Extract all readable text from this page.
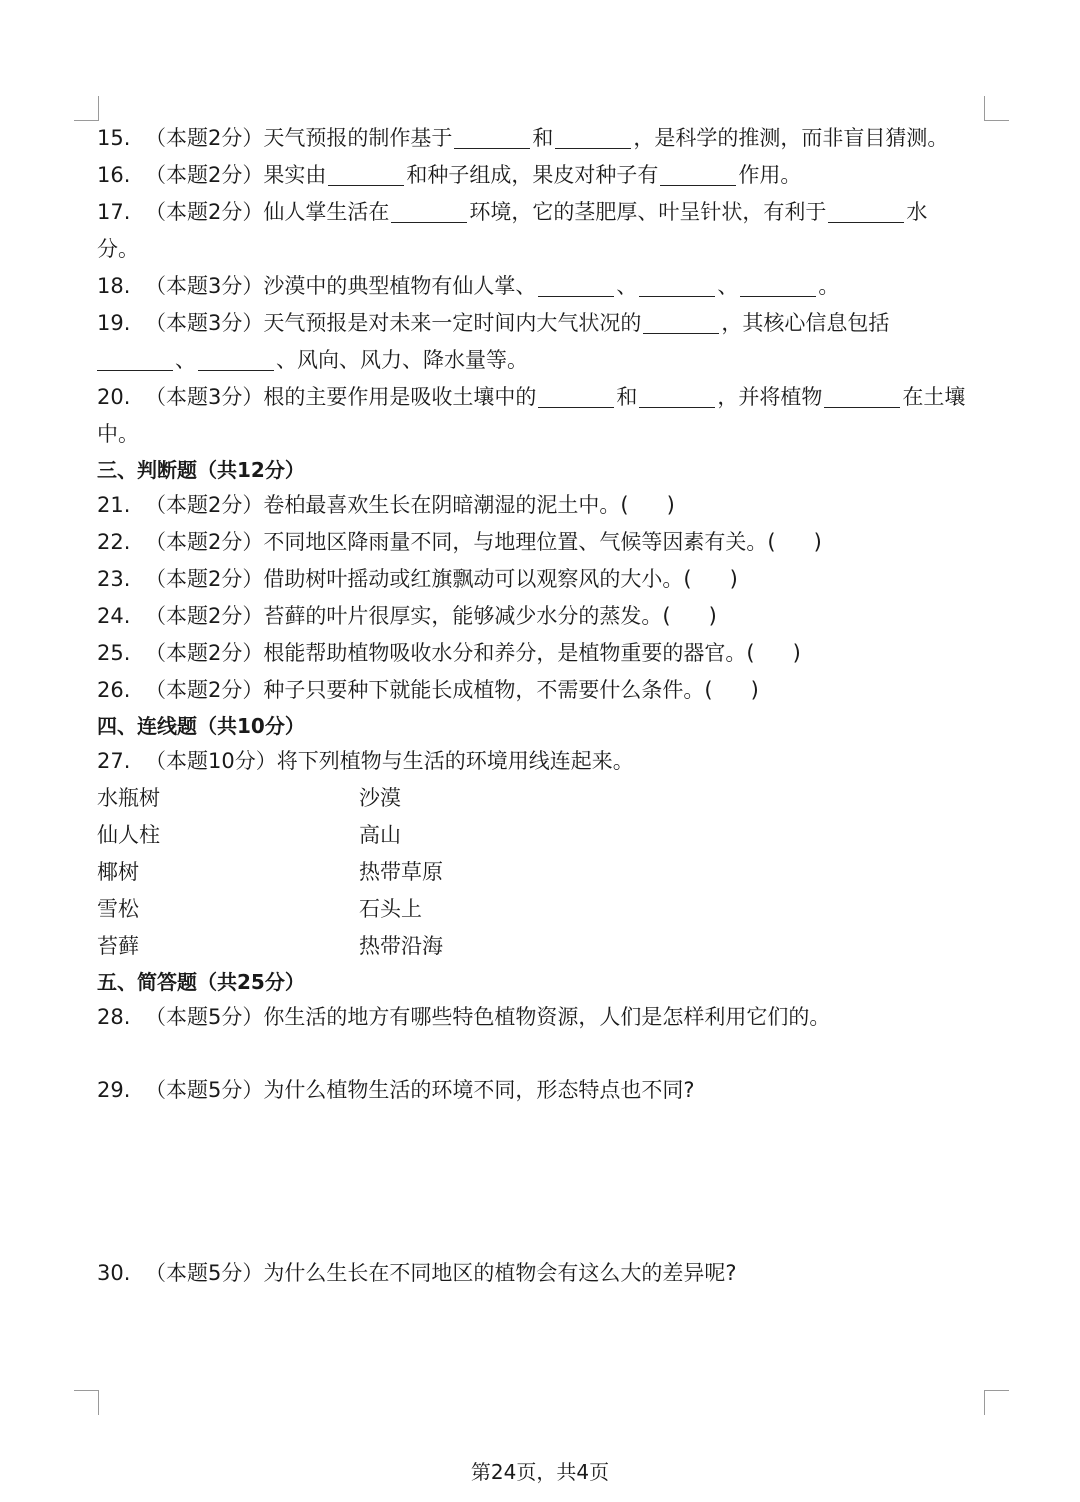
15. （本题2分）天气预报的制作基于	和	，是科学的推测，而非盲目猜测。
16. （本题2分）果实由	和种子组成，果皮对种子有	作用。
17. （本题2分）仙人掌生活在	环境，它的茎肥厚、叶呈针状，有利于	水
分。
18. （本题3分）沙漠中的典型植物有仙人掌、	、	、	。
19. （本题3分）天气预报是对未来一定时间内大气状况的	，其核心信息包括
、	、风向、风力、降水量等。
20. （本题3分）根的主要作用是吸收土壤中的	和	，并将植物	在土壤
中。
三、判断题（共12分）
21. （本题2分）卷柏最喜欢生长在阴暗潮湿的泥土中。( )
22. （本题2分）不同地区降雨量不同，与地理位置、气候等因素有关。( )
23. （本题2分）借助树叶摇动或红旗飘动可以观察风的大小。( )
24. （本题2分）苔藓的叶片很厚实，能够减少水分的蒸发。( )
25. （本题2分）根能帮助植物吸收水分和养分，是植物重要的器官。( )
26. （本题2分）种子只要种下就能长成植物，不需要什么条件。( )
四、连线题（共10分）
27. （本题10分）将下列植物与生活的环境用线连起来。
水瓶树	沙漠
仙人柱	高山
椰树	热带草原
雪松	石头上
苔藓	热带沿海
五、简答题（共25分）
28. （本题5分）你生活的地方有哪些特色植物资源，人们是怎样利用它们的。
29. （本题5分）为什么植物生活的环境不同，形态特点也不同?
30. （本题5分）为什么生长在不同地区的植物会有这么大的差异呢?
第24页，共4页
